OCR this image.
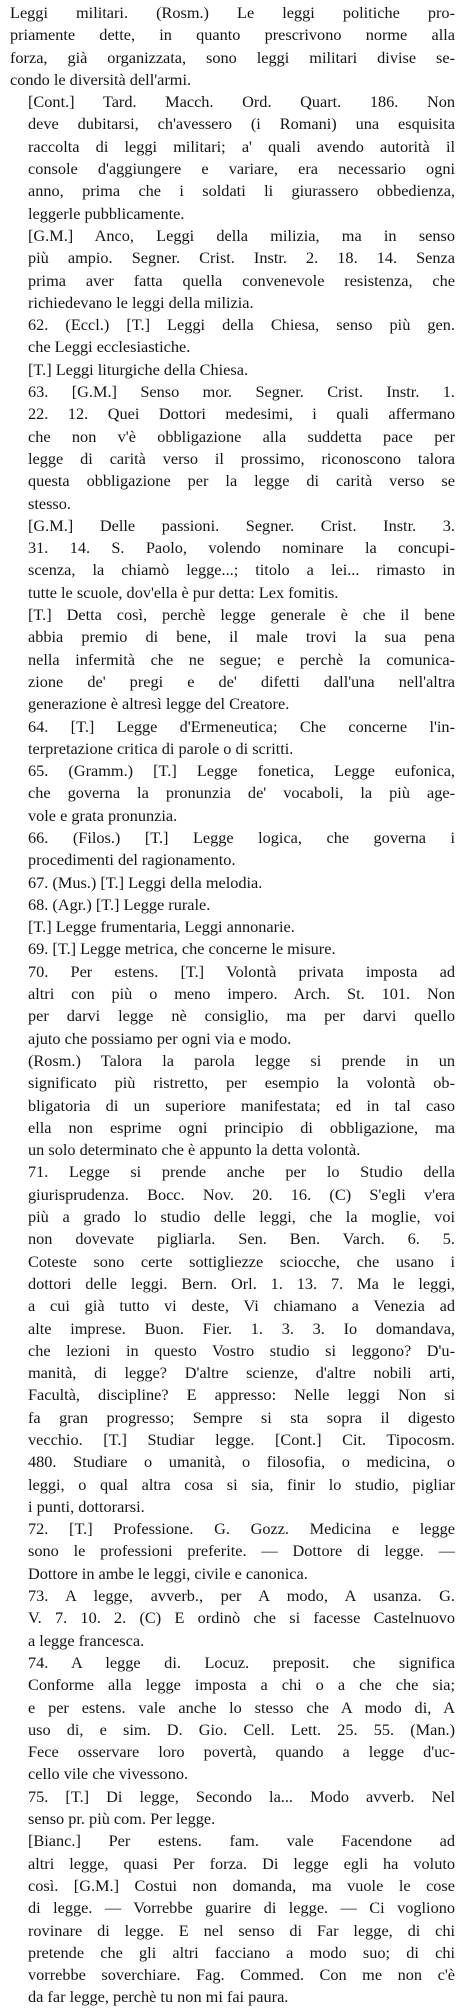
Leggi militari. (Rosm.) Le leggi politiche pro-
priamente dette, in quanto prescrivono norme alla
forza, già organizzata, sono leggi militari divise se-
condo le diversità dell'armi.

[Cont.] Tard. Macch. Ord. Quart. 186. Non
deve dubitarsi, ch'avessero (i Romani) una esquisita
raccolta di leggi militari; a' quali avendo autorità il
console d'aggiungere e variare, era necessario ogni
anno, prima che i soldati li giurassero obbedienza,
leggerle pubblicamente.

[G.M.] Anco, Leggi della milizia, ma in senso
più ampio. Segner. Crist. Instr. 2. 18. 14. Senza
prima aver fatta quella convenevole resistenza, che
richiedevano le leggi della milizia.

62. (Eccl.) [T.] Leggi della Chiesa, senso più gen.
che Leggi ecclesiastiche.

[T.] Leggi liturgiche della Chiesa.

63. [G.M.] Senso mor. Segner. Crist. Instr. 1.
22. 12. Quei Dottori medesimi, i quali affermano
che non v'è obbligazione alla suddetta pace per
legge di carità verso il prossimo, riconoscono talora
questa obbligazione per la legge di carità verso se
stesso.

[G.M.] Delle passioni. Segner. Crist. Instr. 3.
31. 14. S. Paolo, volendo nominare la concupi-
scenza, la chiamò legge...; titolo a lei... rimasto in
tutte le scuole, dov'ella è pur detta: Lex fomitis.

[T.] Detta così, perchè legge generale è che il bene
abbia premio di bene, il male trovi la sua pena
nella infermità che ne segue; e perchè la comunica-
zione de' pregi e de' difetti dall'una nell'altra
generazione è altresì legge del Creatore.

64. [T.] Legge d'Ermeneutica; Che concerne l'in-
terpretazione critica di parole o di scritti.

65. (Gramm.) [T.] Legge fonetica, Legge eufonica,
che governa la pronunzia de' vocaboli, la più age-
vole e grata pronunzia.

66. (Filos.) [T.] Legge logica, che governa i
procedimenti del ragionamento.

67. (Mus.) [T.] Leggi della melodia.

68. (Agr.) [T.] Legge rurale.

[T.] Legge frumentaria, Leggi annonarie.

69. [T.] Legge metrica, che concerne le misure.

70. Per estens. [T.] Volontà privata imposta ad
altri con più o meno impero. Arch. St. 101. Non
per darvi legge nè consiglio, ma per darvi quello
ajuto che possiamo per ogni via e modo.

(Rosm.) Talora la parola legge si prende in un
significato più ristretto, per esempio la volontà ob-
bligatoria di un superiore manifestata; ed in tal caso
ella non esprime ogni principio di obbligazione, ma
un solo determinato che è appunto la detta volontà.

71. Legge si prende anche per lo Studio della
giurisprudenza. Bocc. Nov. 20. 16. (C) S'egli v'era
più a grado lo studio delle leggi, che la moglie, voi
non dovevate pigliarla. Sen. Ben. Varch. 6. 5.
Coteste sono certe sottigliezze sciocche, che usano i
dottori delle leggi. Bern. Orl. 1. 13. 7. Ma le leggi,
a cui già tutto vi deste, Vi chiamano a Venezia ad
alte imprese. Buon. Fier. 1. 3. 3. Io domandava,
che lezioni in questo Vostro studio si leggono? D'u-
manità, di legge? D'altre scienze, d'altre nobili arti,
Facultà, discipline? E appresso: Nelle leggi Non si
fa gran progresso; Sempre si sta sopra il digesto
vecchio. [T.] Studiar legge. [Cont.] Cit. Tipocosm.
480. Studiare o umanità, o filosofia, o medicina, o
leggi, o qual altra cosa si sia, finir lo studio, pigliar
i punti, dottorarsi.

72. [T.] Professione. G. Gozz. Medicina e legge
sono le professioni preferite. — Dottore di legge. —
Dottore in ambe le leggi, civile e canonica.

73. A legge, avverb., per A modo, A usanza. G.
V. 7. 10. 2. (C) E ordinò che si facesse Castelnuovo
a legge francesca.

74. A legge di. Locuz. preposit. che significa
Conforme alla legge imposta a chi o a che che sia;
e per estens. vale anche lo stesso che A modo di, A
uso di, e sim. D. Gio. Cell. Lett. 25. 55. (Man.)
Fece osservare loro povertà, quando a legge d'uc-
cello vile che vivessono.

75. [T.] Di legge, Secondo la... Modo avverb. Nel
senso pr. più com. Per legge.

[Bianc.] Per estens. fam. vale Facendone ad
altri legge, quasi Per forza. Di legge egli ha voluto
così. [G.M.] Costui non domanda, ma vuole le cose
di legge. — Vorrebbe guarire di legge. — Ci vogliono
rovinare di legge. E nel senso di Far legge, di chi
pretende che gli altri facciano a modo suo; di chi
vorrebbe soverchiare. Fag. Commed. Con me non c'è
da far legge, perchè tu non mi fai paura.
